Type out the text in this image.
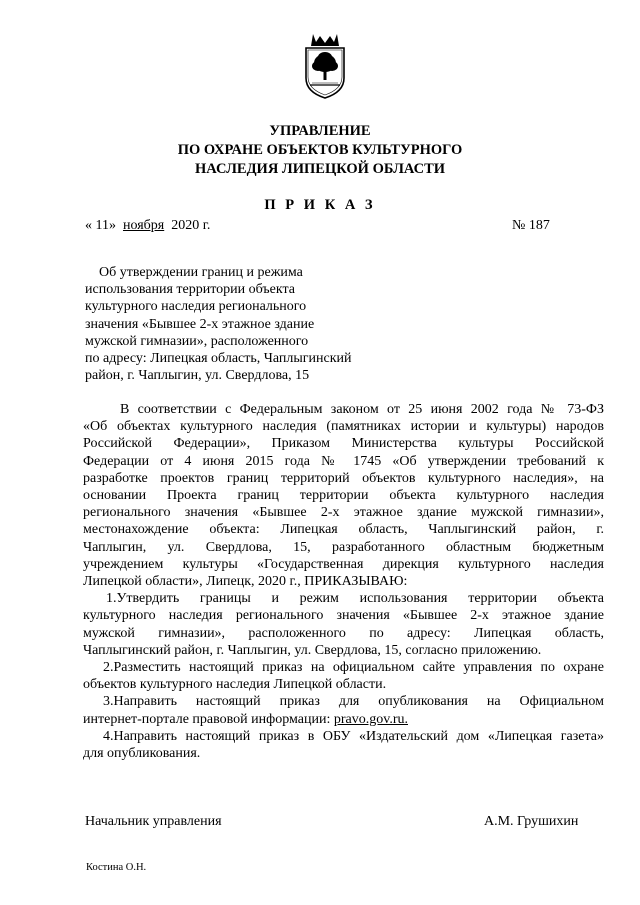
УПРАВЛЕНИЕ
ПО ОХРАНЕ ОБЪЕКТОВ КУЛЬТУРНОГО
НАСЛЕДИЯ ЛИПЕЦКОЙ ОБЛАСТИ
П Р И К А З
« 11» ноября 2020 г.	№ 187
Об утверждении границ и режима
использования территории объекта
культурного наследия регионального
значения «Бывшее 2-х этажное здание
мужской гимназии», расположенного
по адресу: Липецкая область, Чаплыгинский
район, г. Чаплыгин, ул. Свердлова, 15
В соответствии с Федеральным законом от 25 июня 2002 года № 73-ФЗ
«Об объектах культурного наследия (памятниках истории и культуры) народов
Российской Федерации», Приказом Министерства культуры Российской
Федерации от 4 июня 2015 года № 1745 «Об утверждении требований к
разработке проектов границ территорий объектов культурного наследия», на
основании Проекта границ территории объекта культурного наследия
регионального значения «Бывшее 2-х этажное здание мужской гимназии»,
местонахождение объекта: Липецкая область, Чаплыгинский район, г.
Чаплыгин, ул. Свердлова, 15, разработанного областным бюджетным
учреждением культуры «Государственная дирекция культурного наследия
Липецкой области», Липецк, 2020 г., ПРИКАЗЫВАЮ:
1.Утвердить границы и режим использования территории объекта
культурного наследия регионального значения «Бывшее 2-х этажное здание
мужской гимназии», расположенного по адресу: Липецкая область,
Чаплыгинский район, г. Чаплыгин, ул. Свердлова, 15, согласно приложению.
2.Разместить настоящий приказ на официальном сайте управления по охране
объектов культурного наследия Липецкой области.
3.Направить настоящий приказ для опубликования на Официальном
интернет-портале правовой информации: pravo.gov.ru.
4.Направить настоящий приказ в ОБУ «Издательский дом «Липецкая газета»
для опубликования.
Начальник управления	А.М. Грушихин
Костина О.Н.
